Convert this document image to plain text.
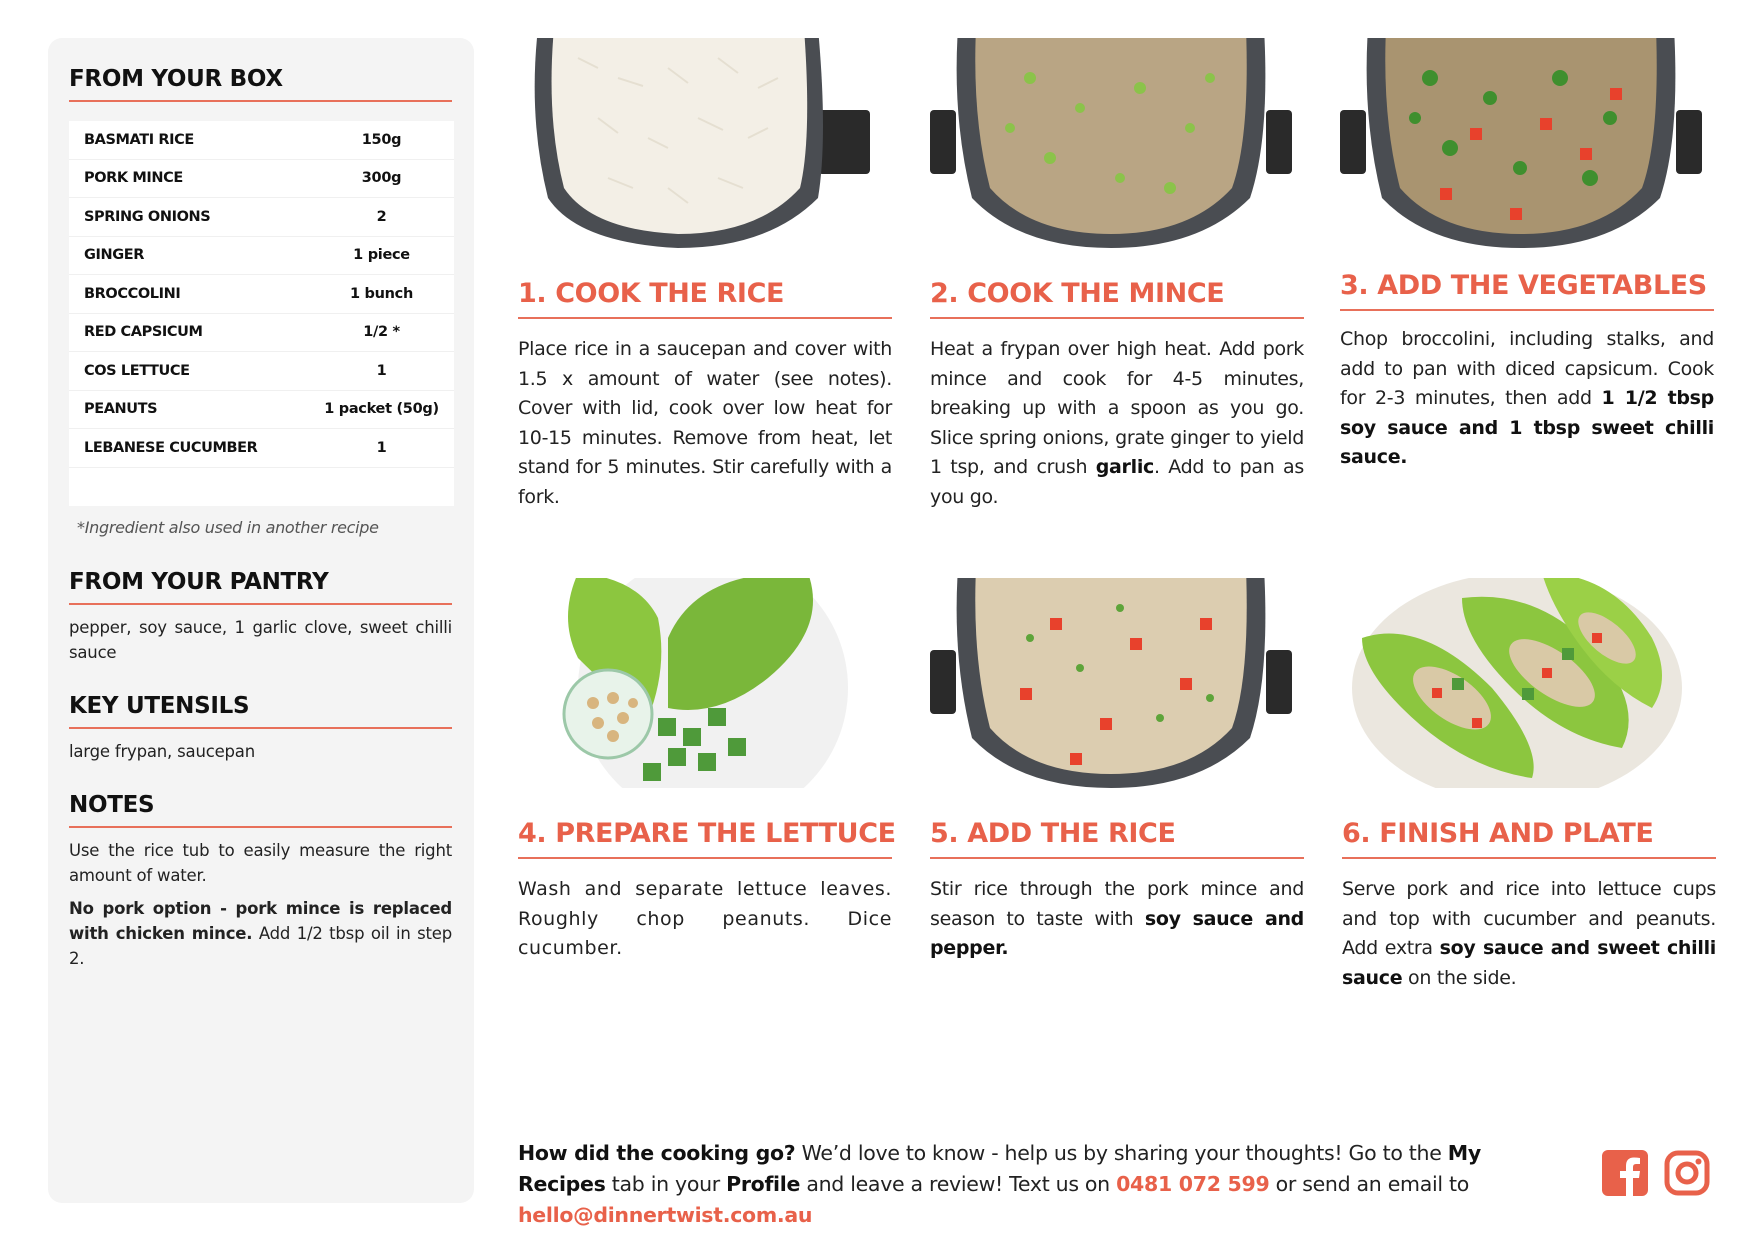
FROM YOUR BOX
BASMATI RICE	150g
PORK MINCE	300g
SPRING ONIONS	2
GINGER	1 piece
BROCCOLINI	1 bunch
RED CAPSICUM	1/2 *
COS LETTUCE	1
PEANUTS	1 packet (50g)
LEBANESE CUCUMBER	1
*Ingredient also used in another recipe
FROM YOUR PANTRY
pepper, soy sauce, 1 garlic clove, sweet chilli sauce
KEY UTENSILS
large frypan, saucepan
NOTES
Use the rice tub to easily measure the right amount of water.
No pork option - pork mince is replaced with chicken mince. Add 1/2 tbsp oil in step 2.
1. COOK THE RICE
Place rice in a saucepan and cover with 1.5 x amount of water (see notes). Cover with lid, cook over low heat for 10-15 minutes. Remove from heat, let stand for 5 minutes. Stir carefully with a fork.
2. COOK THE MINCE
Heat a frypan over high heat. Add pork mince and cook for 4-5 minutes, breaking up with a spoon as you go. Slice spring onions, grate ginger to yield 1 tsp, and crush garlic. Add to pan as you go.
3. ADD THE VEGETABLES
Chop broccolini, including stalks, and add to pan with diced capsicum. Cook for 2-3 minutes, then add 1 1/2 tbsp soy sauce and 1 tbsp sweet chilli sauce.
4. PREPARE THE LETTUCE
Wash and separate lettuce leaves. Roughly chop peanuts. Dice cucumber.
5. ADD THE RICE
Stir rice through the pork mince and season to taste with soy sauce and pepper.
6. FINISH AND PLATE
Serve pork and rice into lettuce cups and top with cucumber and peanuts. Add extra soy sauce and sweet chilli sauce on the side.
How did the cooking go? We’d love to know - help us by sharing your thoughts! Go to the My Recipes tab in your Profile and leave a review! Text us on 0481 072 599 or send an email to hello@dinnertwist.com.au
